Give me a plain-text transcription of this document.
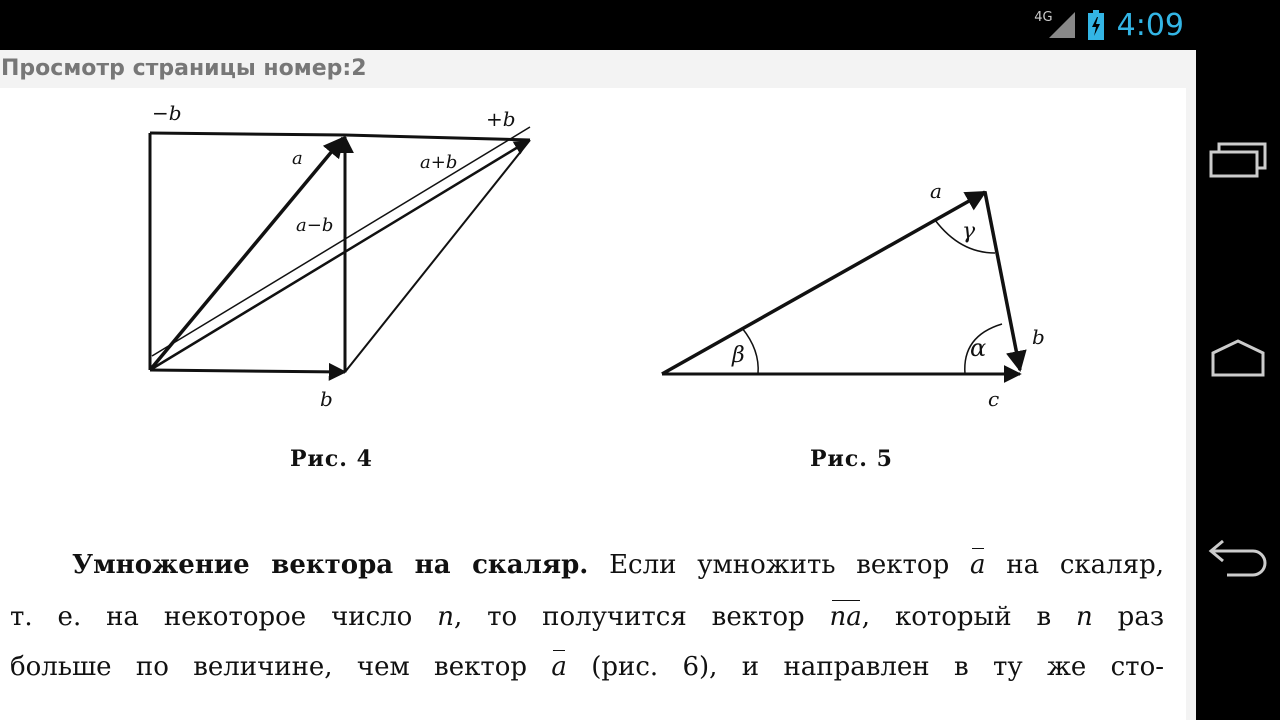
4G 4:09
Просмотр страницы номер:2
−b	+b
a	a+b
a−b
b
a
γ
α
β
b
c
Рис. 4	Рис. 5
Умножение вектора на скаляр. Если умножить вектор a на скаляр,
т. е. на некоторое число n, то получится вектор na, который в n раз
больше по величине, чем вектор a (рис. 6), и направлен в ту же сто-
